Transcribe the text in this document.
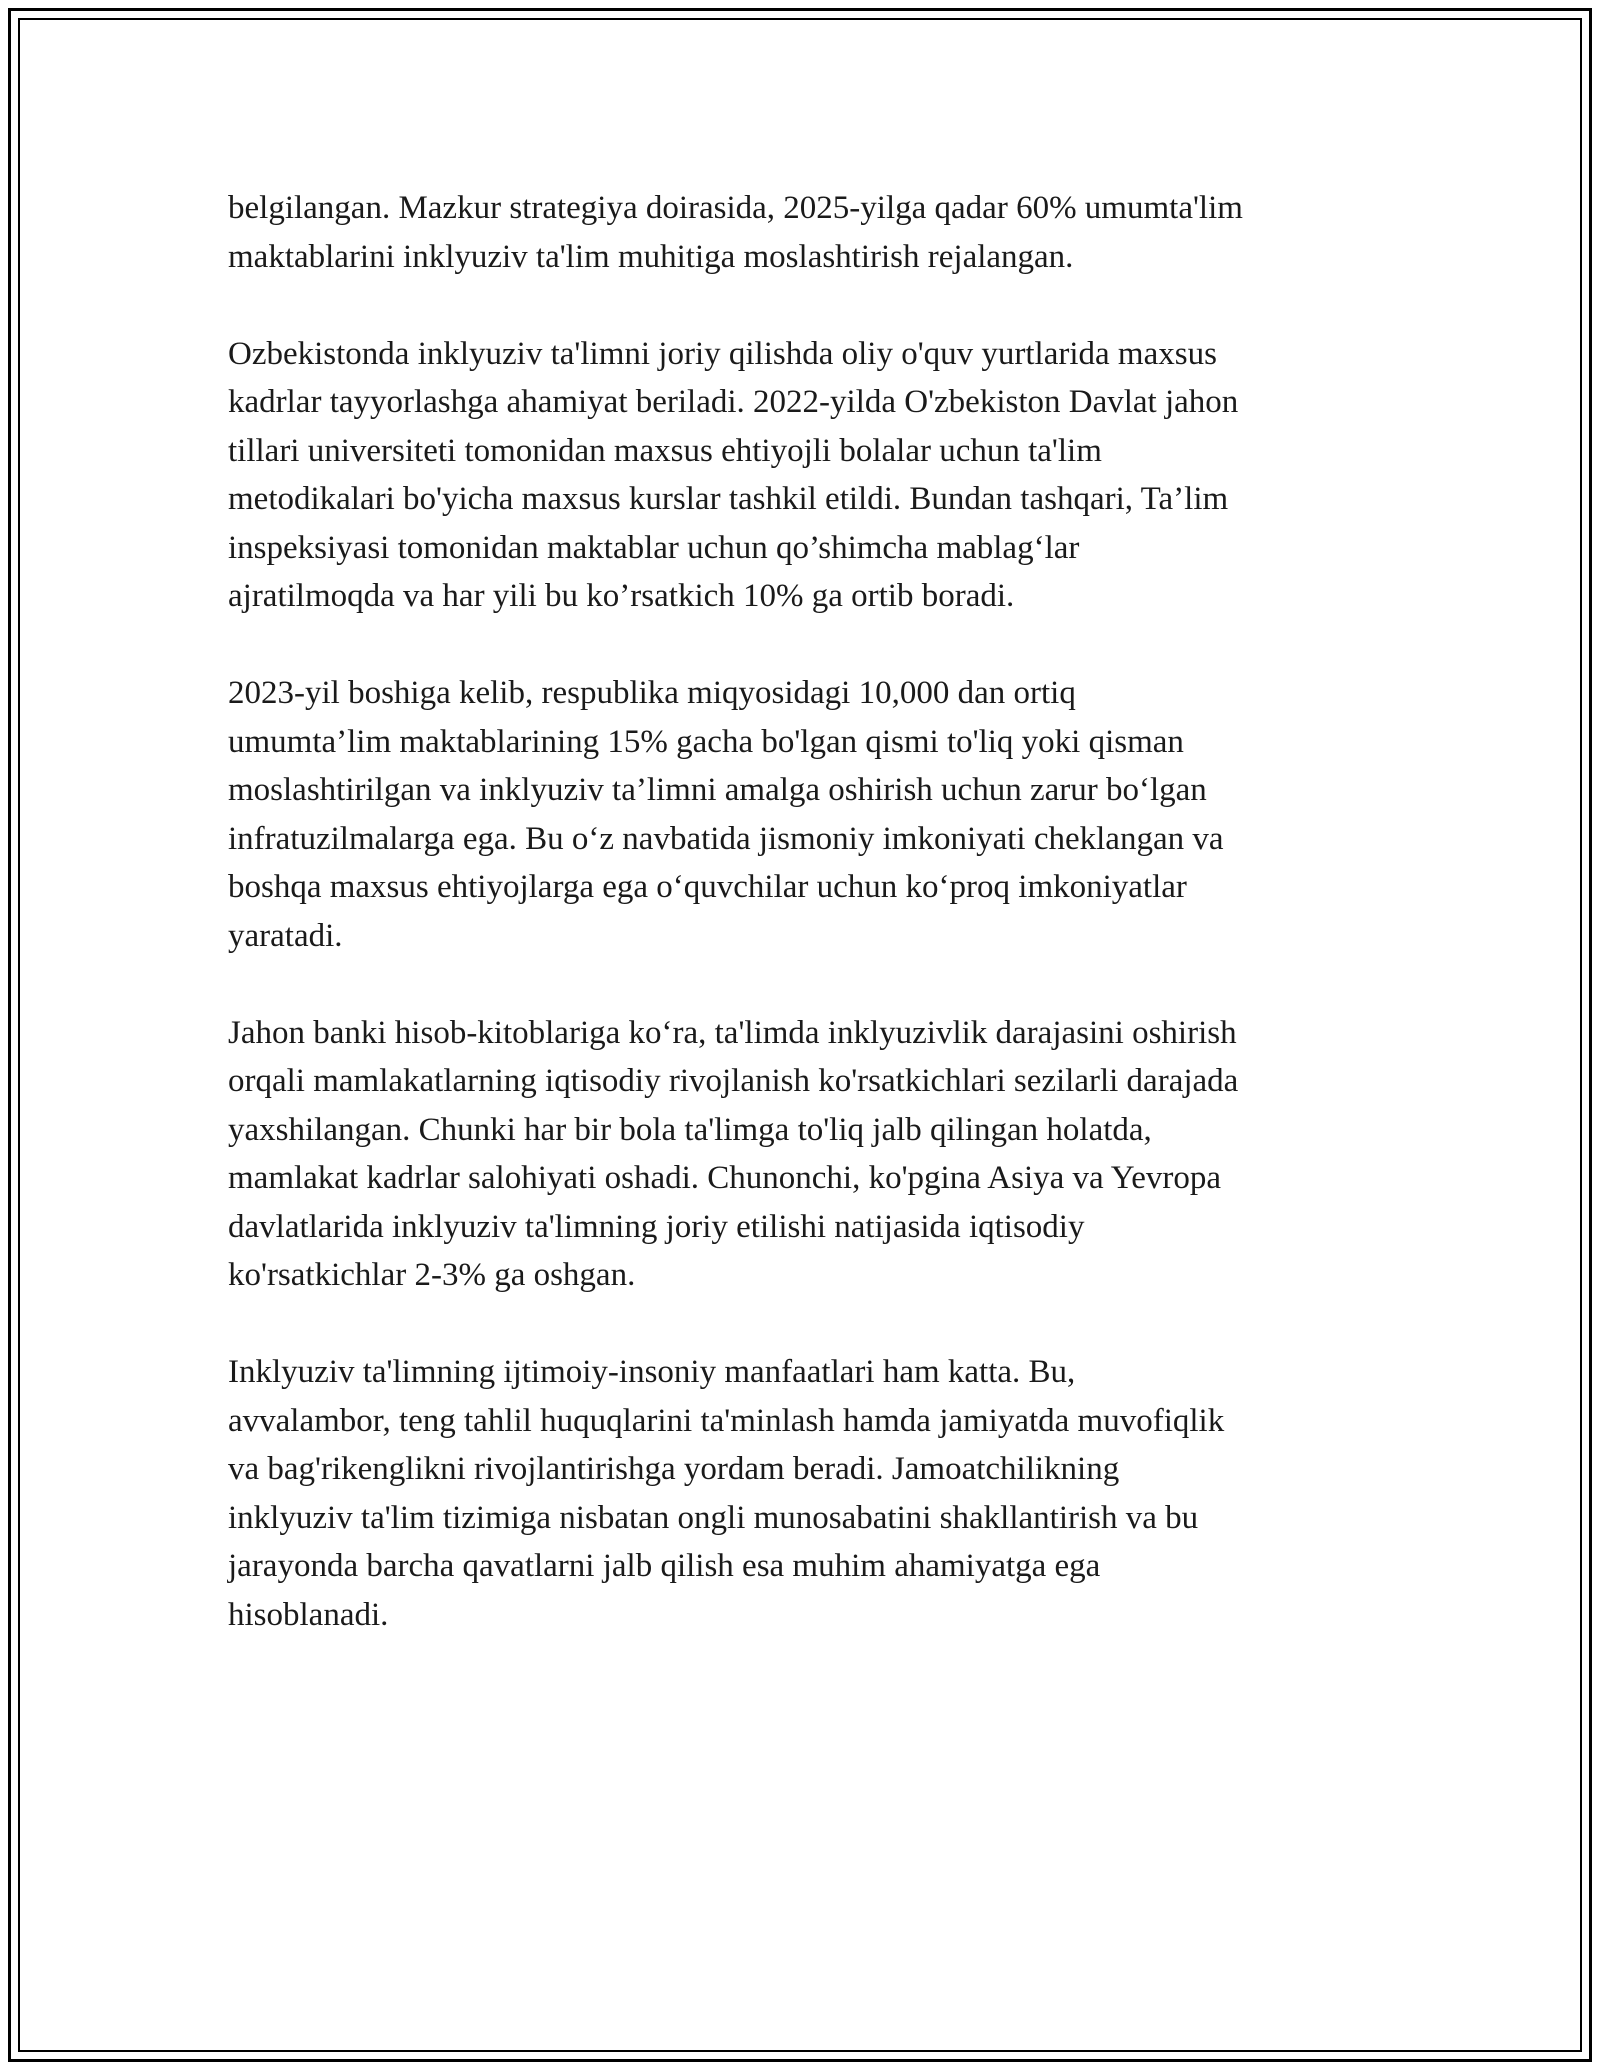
belgilangan. Mazkur strategiya doirasida, 2025-yilga qadar 60% umumta'lim
maktablarini inklyuziv ta'lim muhitiga moslashtirish rejalangan.

Ozbekistonda inklyuziv ta'limni joriy qilishda oliy o'quv yurtlarida maxsus
kadrlar tayyorlashga ahamiyat beriladi. 2022-yilda O'zbekiston Davlat jahon
tillari universiteti tomonidan maxsus ehtiyojli bolalar uchun ta'lim
metodikalari bo'yicha maxsus kurslar tashkil etildi. Bundan tashqari, Ta’lim
inspeksiyasi tomonidan maktablar uchun qo’shimcha mablag‘lar
ajratilmoqda va har yili bu ko’rsatkich 10% ga ortib boradi.

2023-yil boshiga kelib, respublika miqyosidagi 10,000 dan ortiq
umumta’lim maktablarining 15% gacha bo'lgan qismi to'liq yoki qisman
moslashtirilgan va inklyuziv ta’limni amalga oshirish uchun zarur bo‘lgan
infratuzilmalarga ega. Bu o‘z navbatida jismoniy imkoniyati cheklangan va
boshqa maxsus ehtiyojlarga ega o‘quvchilar uchun ko‘proq imkoniyatlar
yaratadi.

Jahon banki hisob-kitoblariga ko‘ra, ta'limda inklyuzivlik darajasini oshirish
orqali mamlakatlarning iqtisodiy rivojlanish ko'rsatkichlari sezilarli darajada
yaxshilangan. Chunki har bir bola ta'limga to'liq jalb qilingan holatda,
mamlakat kadrlar salohiyati oshadi. Chunonchi, ko'pgina Asiya va Yevropa
davlatlarida inklyuziv ta'limning joriy etilishi natijasida iqtisodiy
ko'rsatkichlar 2-3% ga oshgan.

Inklyuziv ta'limning ijtimoiy-insoniy manfaatlari ham katta. Bu,
avvalambor, teng tahlil huquqlarini ta'minlash hamda jamiyatda muvofiqlik
va bag'rikenglikni rivojlantirishga yordam beradi. Jamoatchilikning
inklyuziv ta'lim tizimiga nisbatan ongli munosabatini shakllantirish va bu
jarayonda barcha qavatlarni jalb qilish esa muhim ahamiyatga ega
hisoblanadi.
